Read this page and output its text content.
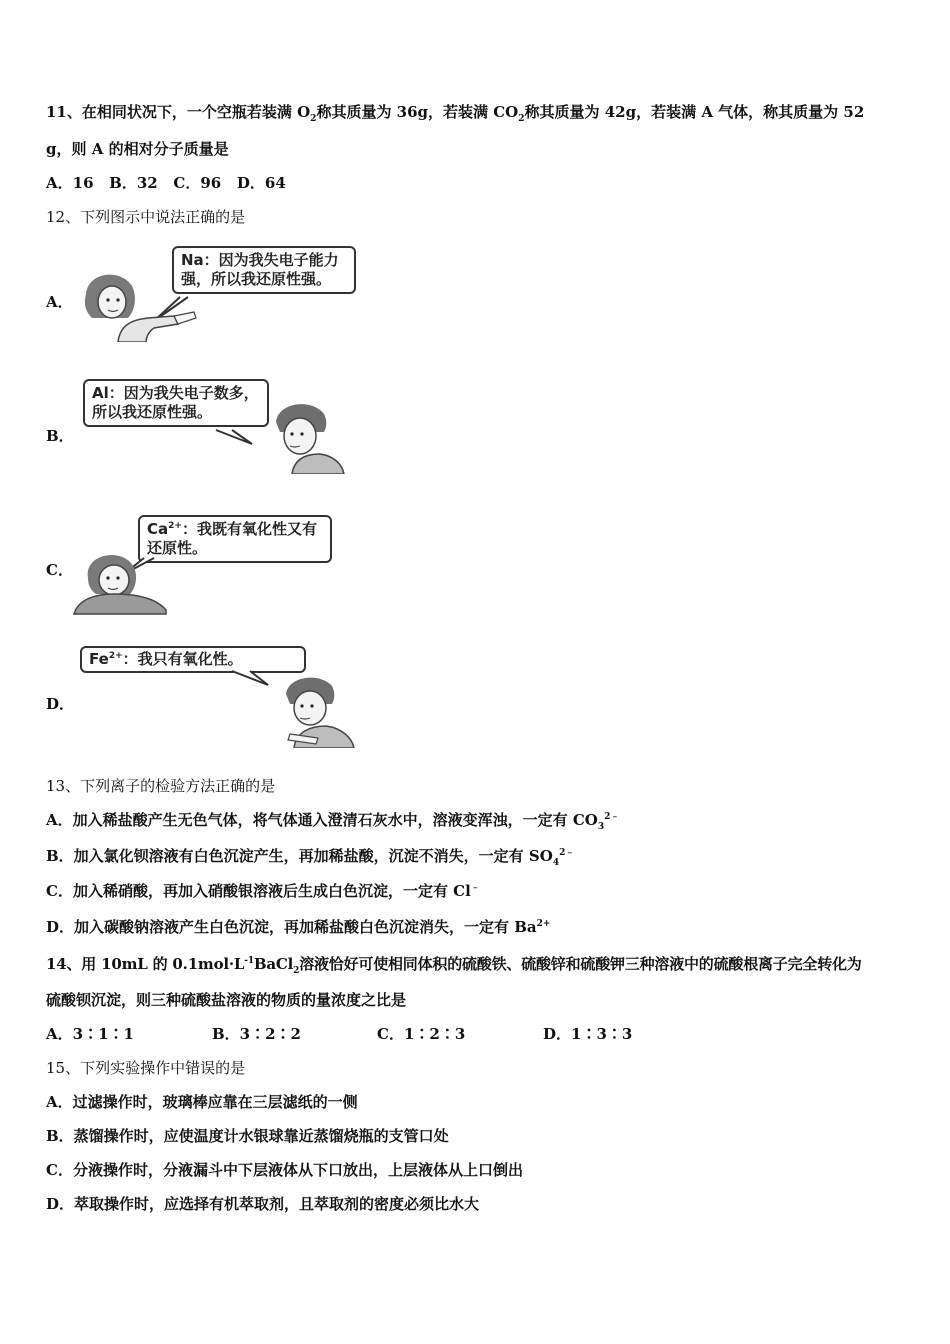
11、在相同状况下，一个空瓶若装满 $O_2$称其质量为 36g，若装满 $CO_2$称其质量为 42g，若装满 A 气体，称其质量为 52
g，则 A 的相对分子质量是
A．16   B．32   C．96   D．64
12、下列图示中说法正确的是
A．
Na：因为我失电子能力强，所以我还原性强。
B．
Al：因为我失电子数多，所以我还原性强。
C．
$Ca^{2+}$：我既有氧化性又有还原性。
D．
$Fe^{2+}$：我只有氧化性。
13、下列离子的检验方法正确的是
A．加入稀盐酸产生无色气体，将气体通入澄清石灰水中，溶液变浑浊，一定有 $CO_3^{2﹣}$
B．加入氯化钡溶液有白色沉淀产生，再加稀盐酸，沉淀不消失，一定有 $SO_4^{2﹣}$
C．加入稀硝酸，再加入硝酸银溶液后生成白色沉淀，一定有 Cl﹣
D．加入碳酸钠溶液产生白色沉淀，再加稀盐酸白色沉淀消失，一定有 $Ba^{2+}$
14、用 10mL 的 $0.1mol\cdot L^{-1}BaCl_2$溶液恰好可使相同体积的硫酸铁、硫酸锌和硫酸钾三种溶液中的硫酸根离子完全转化为
硫酸钡沉淀，则三种硫酸盐溶液的物质的量浓度之比是
A．3∶1∶1	B．3∶2∶2	C．1∶2∶3	D．1∶3∶3
15、下列实验操作中错误的是
A．过滤操作时，玻璃棒应靠在三层滤纸的一侧
B．蒸馏操作时，应使温度计水银球靠近蒸馏烧瓶的支管口处
C．分液操作时，分液漏斗中下层液体从下口放出，上层液体从上口倒出
D．萃取操作时，应选择有机萃取剂，且萃取剂的密度必须比水大
